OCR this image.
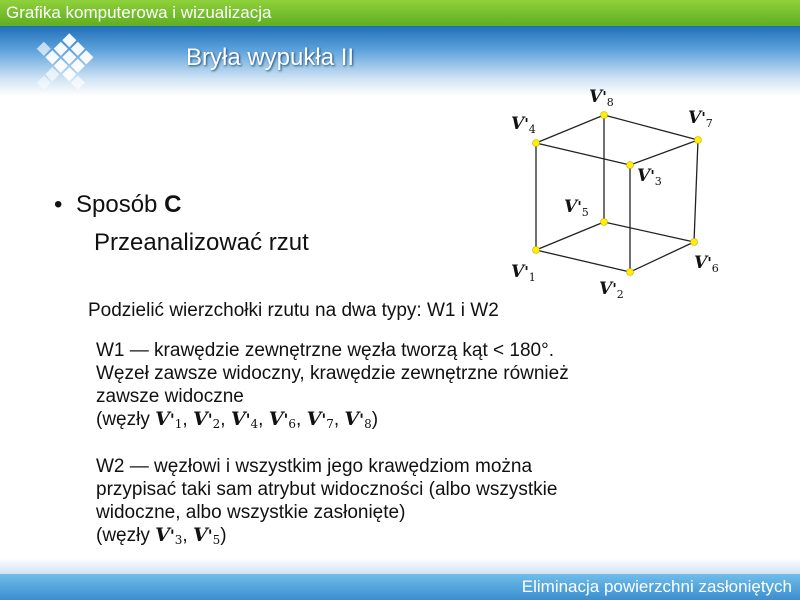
Grafika komputerowa i wizualizacja
E-STUDIA
INFORMATYCZNE
Bryła wypukła II
$V'_1$
$V'_2$
$V'_3$
$V'_4$
$V'_5$
$V'_6$
$V'_7$
$V'_8$
• Sposób C
Przeanalizować rzut
Podzielić wierzchołki rzutu na dwa typy: W1 i W2
W1 — krawędzie zewnętrzne węzła tworzą kąt < 180°.
Węzeł zawsze widoczny, krawędzie zewnętrzne również
zawsze widoczne
(węzły V'1, V'2, V'4, V'6, V'7, V'8)
W2 — węzłowi i wszystkim jego krawędziom można
przypisać taki sam atrybut widoczności (albo wszystkie
widoczne, albo wszystkie zasłonięte)
(węzły V'3, V'5)
Eliminacja powierzchni zasłoniętych
